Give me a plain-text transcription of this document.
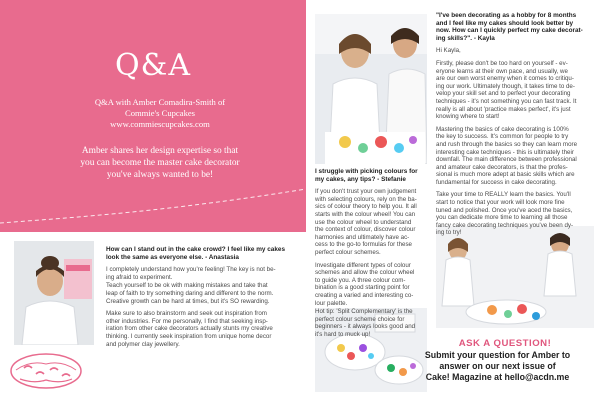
Q&A
Q&A with Amber Comadira-Smith of
Commie's Cupcakes
www.commiescupcakes.com
Amber shares her design expertise so that
you can become the master cake decorator
you've always wanted to be!

How can I stand out in the cake crowd? I feel like my cakes
look the same as everyone else. - Anastasia

I completely understand how you're feeling! The key is not be-
ing afraid to experiment.

Teach yourself to be ok with making mistakes and take that
leap of faith to try something daring and different to the norm.
Creative growth can be hard at times, but it's SO rewarding.

Make sure to also brainstorm and seek out inspiration from
other industries. For me personally, I find that seeking insp-
iration from other cake decorators actually stunts my creative
thinking. I currently seek inspiration from unique home decor
and polymer clay jewellery.

I struggle with picking colours for
my cakes, any tips? - Stefanie

If you don't trust your own judgement
with selecting colours, rely on the ba-
sics of colour theory to help you. It all
starts with the colour wheel! You can
use the colour wheel to understand
the context of colour, discover colour
harmonies and ultimately have ac-
cess to the go-to formulas for these
perfect colour schemes.

Investigate different types of colour
schemes and allow the colour wheel
to guide you. A three colour com-
bination is a good starting point for
creating a varied and interesting co-
lour palette.

Hot tip: 'Split Complementary' is the
perfect colour scheme choice for
beginners - it always looks good and
it's hard to muck up!

"I've been decorating as a hobby for 8 months
and I feel like my cakes should look better by
now. How can I quickly perfect my cake decorat-
ing skills?". - Kayla

Hi Kayla,

Firstly, please don't be too hard on yourself - ev-
eryone learns at their own pace, and usually, we
are our own worst enemy when it comes to critiqu-
ing our work. Ultimately though, it takes time to de-
velop your skill set and to perfect your decorating
techniques - it's not something you can fast track. It
really is all about 'practice makes perfect', it's just
knowing where to start!

Mastering the basics of cake decorating is 100%
the key to success. It's common for people to try
and rush through the basics so they can learn more
interesting cake techniques - this is ultimately their
downfall. The main difference between professional
and amateur cake decorators, is that the profes-
sional is much more adept at basic skills which are
fundamental for success in cake decorating.

Take your time to REALLY learn the basics. You'll
start to notice that your work will look more fine
tuned and polished. Once you've aced the basics,
you can dedicate more time to learning all those
fancy cake decorating techniques you've been dy-
ing to try!

ASK A QUESTION!
Submit your question for Amber to
answer on our next issue of
Cake! Magazine at hello@acdn.me
